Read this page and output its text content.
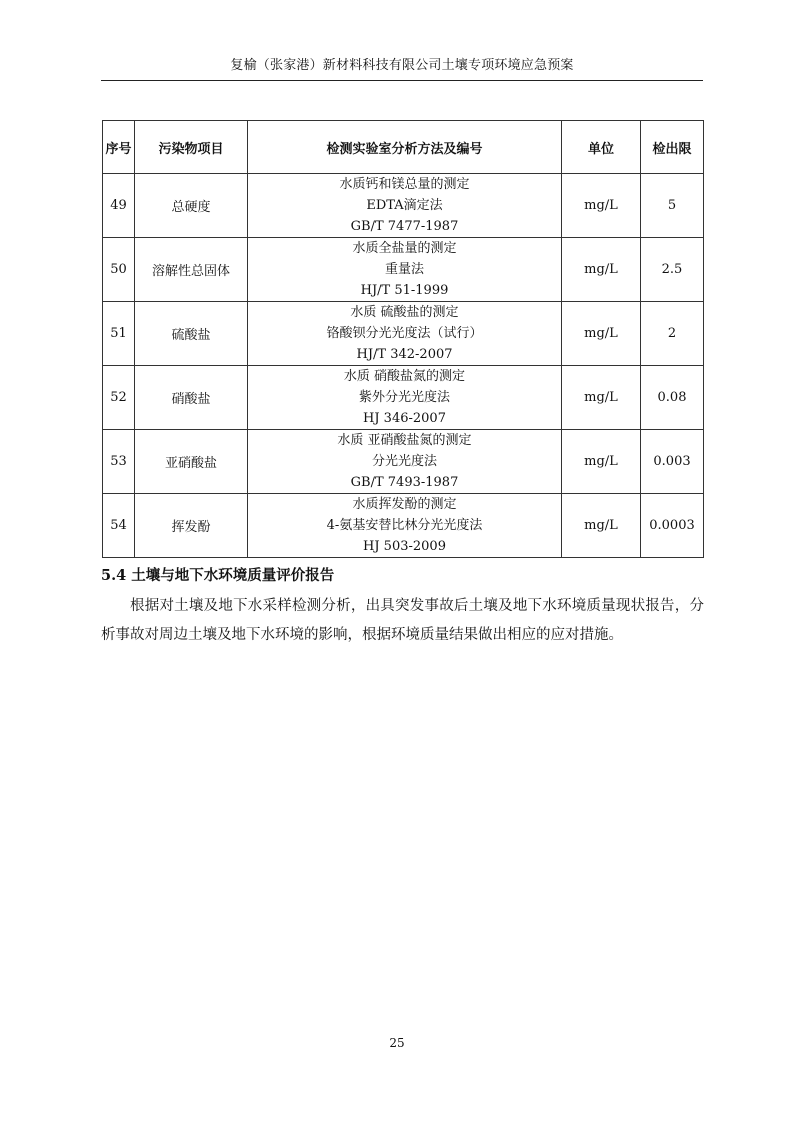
复榆（张家港）新材料科技有限公司土壤专项环境应急预案
序号	污染物项目	检测实验室分析方法及编号	单位	检出限
49	总硬度	水质钙和镁总量的测定
EDTA滴定法
GB/T 7477-1987	mg/L	5
50	溶解性总固体	水质全盐量的测定
重量法
HJ/T 51-1999	mg/L	2.5
51	硫酸盐	水质 硫酸盐的测定
铬酸钡分光光度法（试行）
HJ/T 342-2007	mg/L	2
52	硝酸盐	水质 硝酸盐氮的测定
紫外分光光度法
HJ 346-2007	mg/L	0.08
53	亚硝酸盐	水质 亚硝酸盐氮的测定
分光光度法
GB/T 7493-1987	mg/L	0.003
54	挥发酚	水质挥发酚的测定
4-氨基安替比林分光光度法
HJ 503-2009	mg/L	0.0003
5.4 土壤与地下水环境质量评价报告
根据对土壤及地下水采样检测分析，出具突发事故后土壤及地下水环境质量现状报告，分析事故对周边土壤及地下水环境的影响，根据环境质量结果做出相应的应对措施。
25
